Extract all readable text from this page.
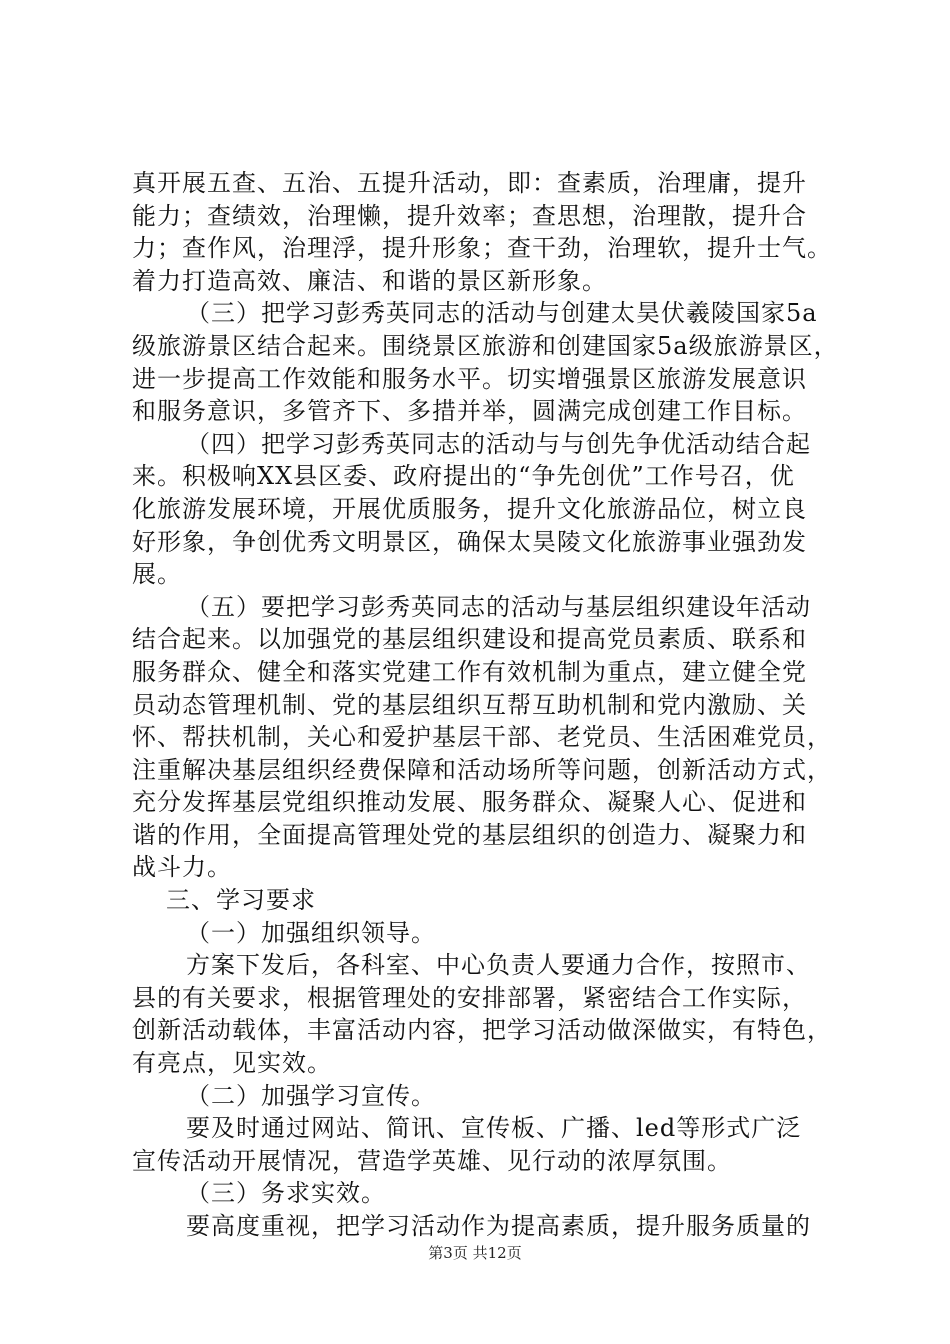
真开展五查、五治、五提升活动，即：查素质，治理庸，提升
能力；查绩效，治理懒，提升效率；查思想，治理散，提升合
力；查作风，治理浮，提升形象；查干劲，治理软，提升士气。
着力打造高效、廉洁、和谐的景区新形象。
（三）把学习彭秀英同志的活动与创建太昊伏羲陵国家5a
级旅游景区结合起来。围绕景区旅游和创建国家5a级旅游景区，
进一步提高工作效能和服务水平。切实增强景区旅游发展意识
和服务意识，多管齐下、多措并举，圆满完成创建工作目标。
（四）把学习彭秀英同志的活动与与创先争优活动结合起
来。积极响XX县区委、政府提出的“争先创优”工作号召，优
化旅游发展环境，开展优质服务，提升文化旅游品位，树立良
好形象，争创优秀文明景区，确保太昊陵文化旅游事业强劲发
展。
（五）要把学习彭秀英同志的活动与基层组织建设年活动
结合起来。以加强党的基层组织建设和提高党员素质、联系和
服务群众、健全和落实党建工作有效机制为重点，建立健全党
员动态管理机制、党的基层组织互帮互助机制和党内激励、关
怀、帮扶机制，关心和爱护基层干部、老党员、生活困难党员，
注重解决基层组织经费保障和活动场所等问题，创新活动方式，
充分发挥基层党组织推动发展、服务群众、凝聚人心、促进和
谐的作用，全面提高管理处党的基层组织的创造力、凝聚力和
战斗力。
三、学习要求
（一）加强组织领导。
方案下发后，各科室、中心负责人要通力合作，按照市、
县的有关要求，根据管理处的安排部署，紧密结合工作实际，
创新活动载体，丰富活动内容，把学习活动做深做实，有特色，
有亮点，见实效。
（二）加强学习宣传。
要及时通过网站、简讯、宣传板、广播、led等形式广泛
宣传活动开展情况，营造学英雄、见行动的浓厚氛围。
（三）务求实效。
要高度重视，把学习活动作为提高素质，提升服务质量的
第3页 共12页
